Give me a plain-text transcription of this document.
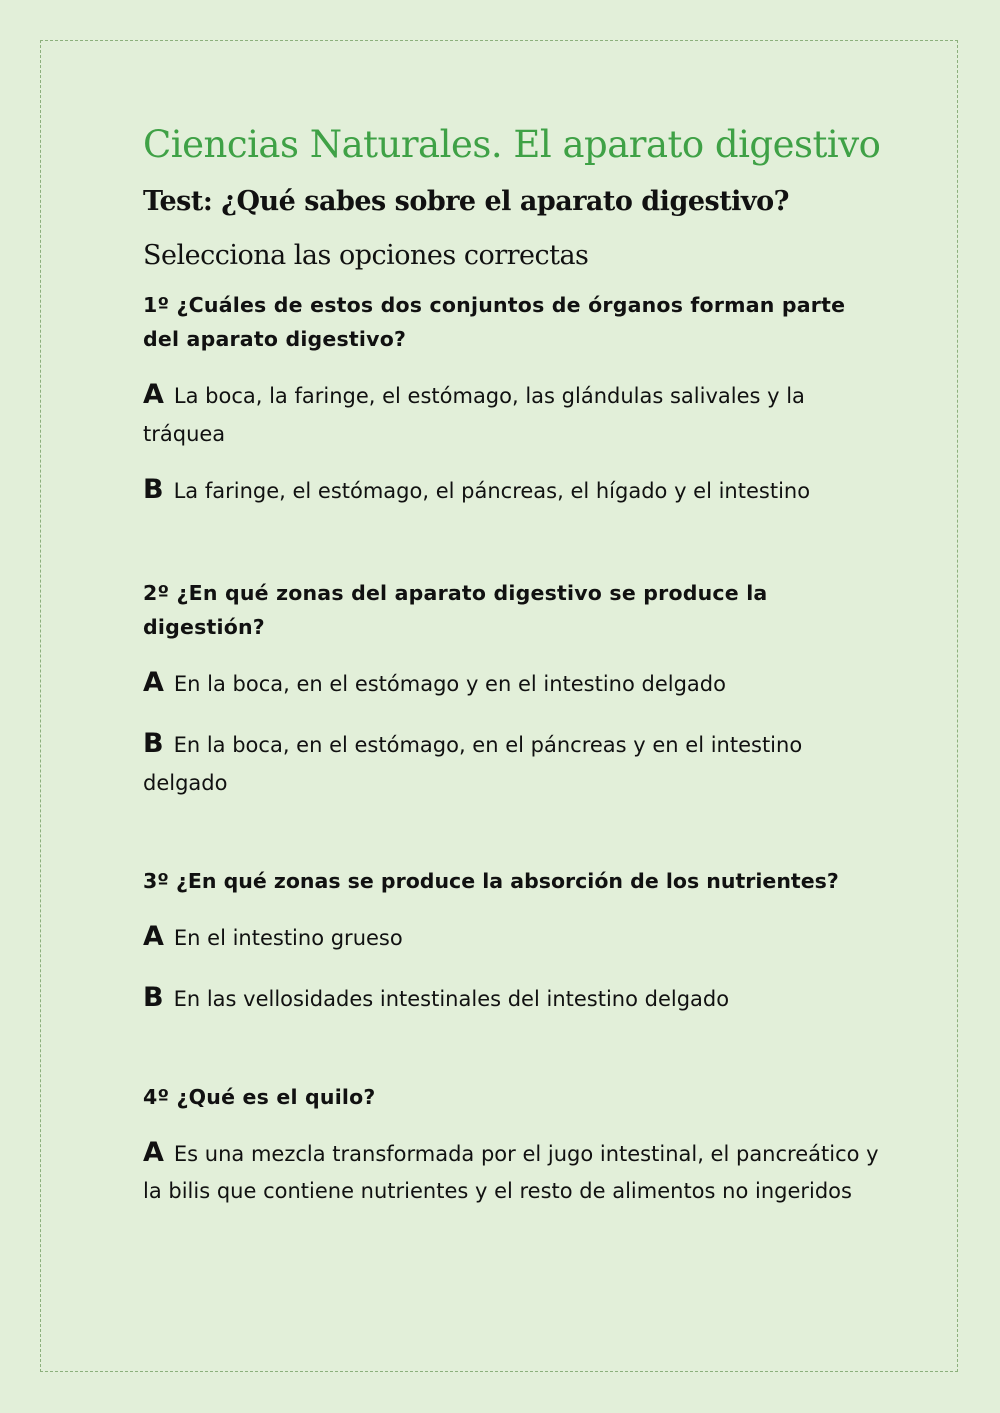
Ciencias Naturales. El aparato digestivo
Test: ¿Qué sabes sobre el aparato digestivo?

Selecciona las opciones correctas

1º ¿Cuáles de estos dos conjuntos de órganos forman parte del aparato digestivo?

A La boca, la faringe, el estómago, las glándulas salivales y la tráquea

B La faringe, el estómago, el páncreas, el hígado y el intestino

2º ¿En qué zonas del aparato digestivo se produce la digestión?

A En la boca, en el estómago y en el intestino delgado

B En la boca, en el estómago, en el páncreas y en el intestino delgado

3º ¿En qué zonas se produce la absorción de los nutrientes?

A En el intestino grueso

B En las vellosidades intestinales del intestino delgado

4º ¿Qué es el quilo?

A Es una mezcla transformada por el jugo intestinal, el pancreático y la bilis que contiene nutrientes y el resto de alimentos no ingeridos
